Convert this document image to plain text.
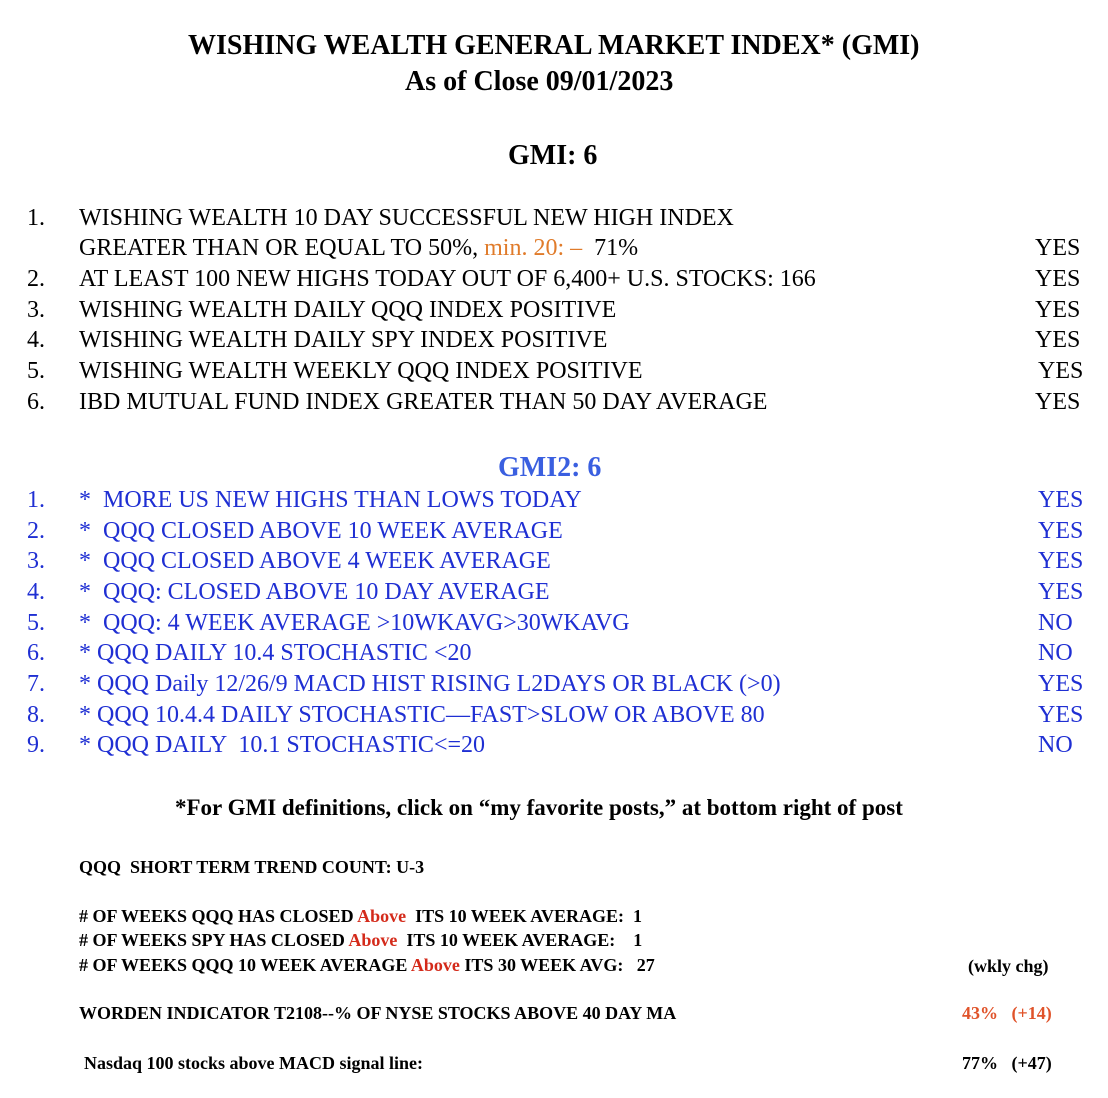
WISHING WEALTH GENERAL MARKET INDEX* (GMI)
As of Close 09/01/2023
GMI: 6
1. WISHING WEALTH 10 DAY SUCCESSFUL NEW HIGH INDEX
GREATER THAN OR EQUAL TO 50%, min. 20: –  71%	YES
2. AT LEAST 100 NEW HIGHS TODAY OUT OF 6,400+ U.S. STOCKS: 166	YES
3. WISHING WEALTH DAILY QQQ INDEX POSITIVE	YES
4. WISHING WEALTH DAILY SPY INDEX POSITIVE	YES
5. WISHING WEALTH WEEKLY QQQ INDEX POSITIVE	YES
6. IBD MUTUAL FUND INDEX GREATER THAN 50 DAY AVERAGE	YES
GMI2: 6
1. *  MORE US NEW HIGHS THAN LOWS TODAY	YES
2. *  QQQ CLOSED ABOVE 10 WEEK AVERAGE	YES
3. *  QQQ CLOSED ABOVE 4 WEEK AVERAGE	YES
4. *  QQQ: CLOSED ABOVE 10 DAY AVERAGE	YES
5. *  QQQ: 4 WEEK AVERAGE >10WKAVG>30WKAVG	NO
6. * QQQ DAILY 10.4 STOCHASTIC <20	NO
7. * QQQ Daily 12/26/9 MACD HIST RISING L2DAYS OR BLACK (>0)	YES
8. * QQQ 10.4.4 DAILY STOCHASTIC—FAST>SLOW OR ABOVE 80	YES
9. * QQQ DAILY  10.1 STOCHASTIC<=20	NO
*For GMI definitions, click on “my favorite posts,” at bottom right of post
QQQ  SHORT TERM TREND COUNT: U-3
# OF WEEKS QQQ HAS CLOSED Above  ITS 10 WEEK AVERAGE:  1
# OF WEEKS SPY HAS CLOSED Above  ITS 10 WEEK AVERAGE:    1
# OF WEEKS QQQ 10 WEEK AVERAGE Above ITS 30 WEEK AVG:   27	(wkly chg)
WORDEN INDICATOR T2108--% OF NYSE STOCKS ABOVE 40 DAY MA	43%   (+14)
Nasdaq 100 stocks above MACD signal line:	77%   (+47)
